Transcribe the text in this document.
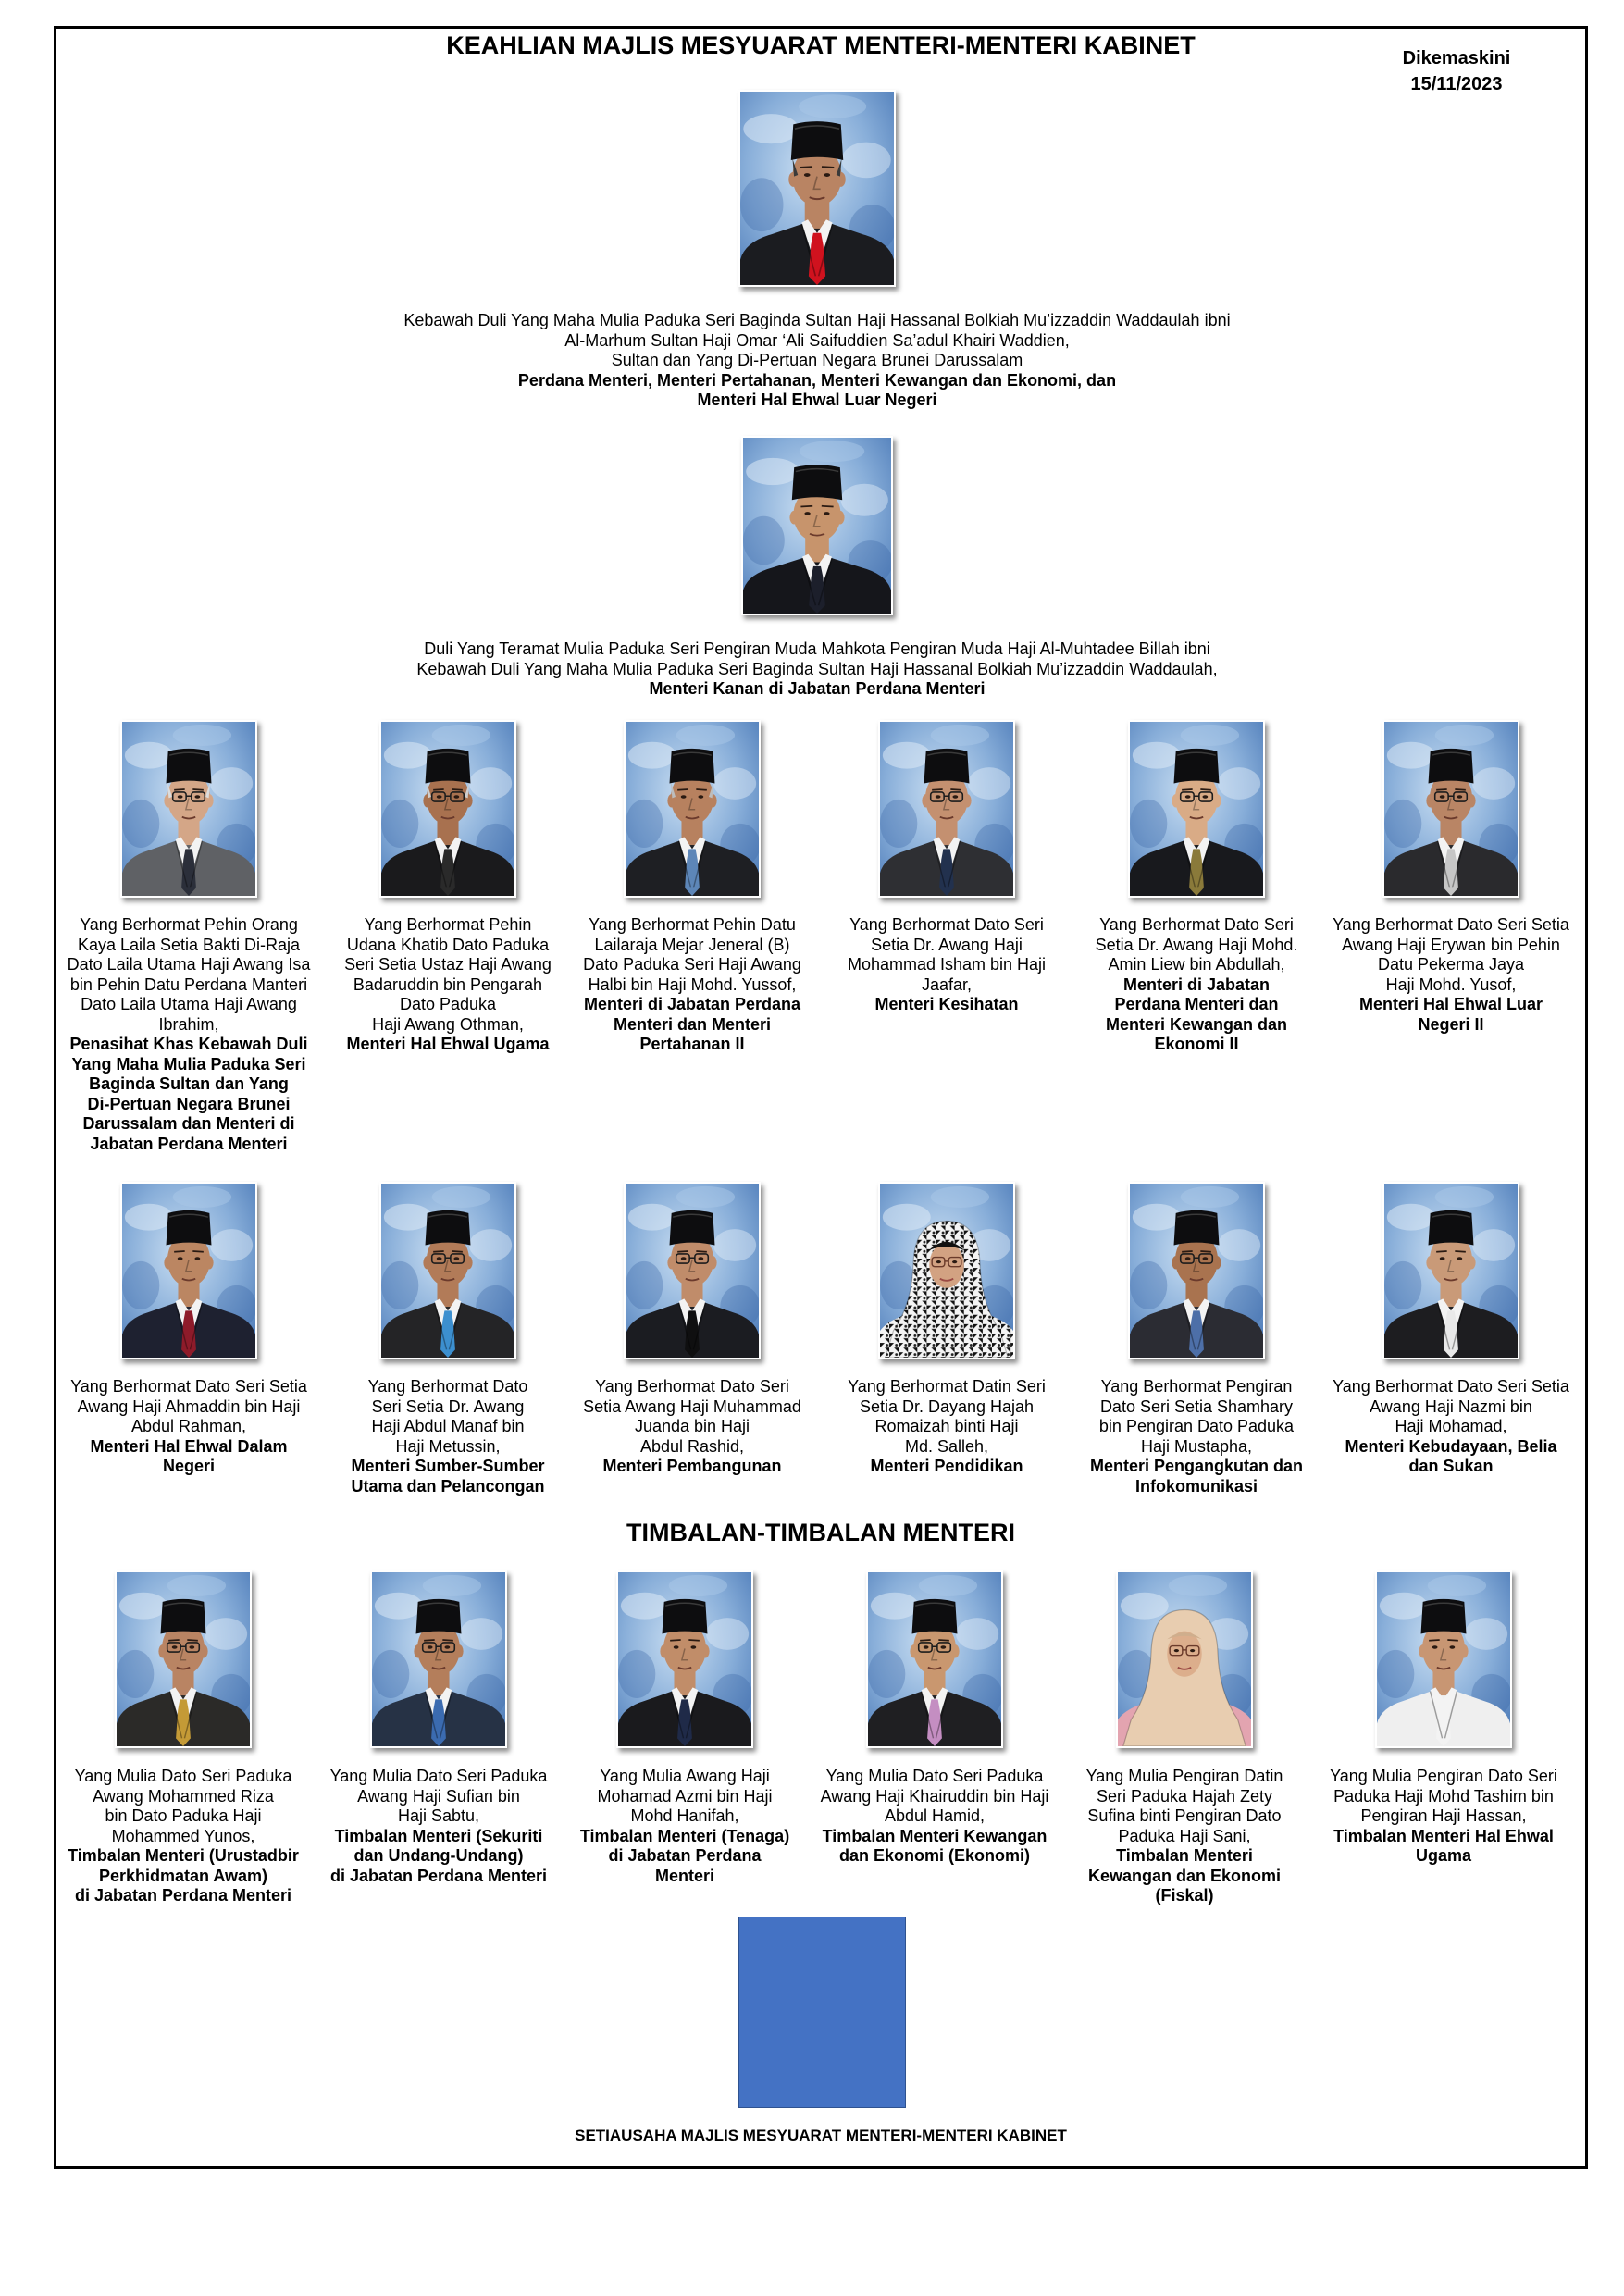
KEAHLIAN MAJLIS MESYUARAT MENTERI-MENTERI KABINET	Dikemaskini
15/11/2023
Kebawah Duli Yang Maha Mulia Paduka Seri Baginda Sultan Haji Hassanal Bolkiah Mu’izzaddin Waddaulah ibni
Al-Marhum Sultan Haji Omar ‘Ali Saifuddien Sa’adul Khairi Waddien,
Sultan dan Yang Di-Pertuan Negara Brunei Darussalam
Perdana Menteri, Menteri Pertahanan, Menteri Kewangan dan Ekonomi, dan
Menteri Hal Ehwal Luar Negeri
Duli Yang Teramat Mulia Paduka Seri Pengiran Muda Mahkota Pengiran Muda Haji Al-Muhtadee Billah ibni
Kebawah Duli Yang Maha Mulia Paduka Seri Baginda Sultan Haji Hassanal Bolkiah Mu’izzaddin Waddaulah,
Menteri Kanan di Jabatan Perdana Menteri
Yang Berhormat Pehin Orang
Kaya Laila Setia Bakti Di-Raja
Dato Laila Utama Haji Awang Isa
bin Pehin Datu Perdana Manteri
Dato Laila Utama Haji Awang
Ibrahim,
Penasihat Khas Kebawah Duli
Yang Maha Mulia Paduka Seri
Baginda Sultan dan Yang
Di-Pertuan Negara Brunei
Darussalam dan Menteri di
Jabatan Perdana Menteri
Yang Berhormat Pehin
Udana Khatib Dato Paduka
Seri Setia Ustaz Haji Awang
Badaruddin bin Pengarah
Dato Paduka
Haji Awang Othman,
Menteri Hal Ehwal Ugama
Yang Berhormat Pehin Datu
Lailaraja Mejar Jeneral (B)
Dato Paduka Seri Haji Awang
Halbi bin Haji Mohd. Yussof,
Menteri di Jabatan Perdana
Menteri dan Menteri
Pertahanan II
Yang Berhormat Dato Seri
Setia Dr. Awang Haji
Mohammad Isham bin Haji
Jaafar,
Menteri Kesihatan
Yang Berhormat Dato Seri
Setia Dr. Awang Haji Mohd.
Amin Liew bin Abdullah,
Menteri di Jabatan
Perdana Menteri dan
Menteri Kewangan dan
Ekonomi II
Yang Berhormat Dato Seri Setia
Awang Haji Erywan bin Pehin
Datu Pekerma Jaya
Haji Mohd. Yusof,
Menteri Hal Ehwal Luar
Negeri II
Yang Berhormat Dato Seri Setia
Awang Haji Ahmaddin bin Haji
Abdul Rahman,
Menteri Hal Ehwal Dalam
Negeri
Yang Berhormat Dato
Seri Setia Dr. Awang
Haji Abdul Manaf bin
Haji Metussin,
Menteri Sumber-Sumber
Utama dan Pelancongan
Yang Berhormat Dato Seri
Setia Awang Haji Muhammad
Juanda bin Haji
Abdul Rashid,
Menteri Pembangunan
Yang Berhormat Datin Seri
Setia Dr. Dayang Hajah
Romaizah binti Haji
Md. Salleh,
Menteri Pendidikan
Yang Berhormat Pengiran
Dato Seri Setia Shamhary
bin Pengiran Dato Paduka
Haji Mustapha,
Menteri Pengangkutan dan
Infokomunikasi
Yang Berhormat Dato Seri Setia
Awang Haji Nazmi bin
Haji Mohamad,
Menteri Kebudayaan, Belia
dan Sukan
Yang Mulia Dato Seri Paduka
Awang Mohammed Riza
bin Dato Paduka Haji
Mohammed Yunos,
Timbalan Menteri (Urustadbir
Perkhidmatan Awam)
di Jabatan Perdana Menteri
Yang Mulia Dato Seri Paduka
Awang Haji Sufian bin
Haji Sabtu,
Timbalan Menteri (Sekuriti
dan Undang-Undang)
di Jabatan Perdana Menteri
Yang Mulia Awang Haji
Mohamad Azmi bin Haji
Mohd Hanifah,
Timbalan Menteri (Tenaga)
di Jabatan Perdana
Menteri
Yang Mulia Dato Seri Paduka
Awang Haji Khairuddin bin Haji
Abdul Hamid,
Timbalan Menteri Kewangan
dan Ekonomi (Ekonomi)
Yang Mulia Pengiran Datin
Seri Paduka Hajah Zety
Sufina binti Pengiran Dato
Paduka Haji Sani,
Timbalan Menteri
Kewangan dan Ekonomi
(Fiskal)
Yang Mulia Pengiran Dato Seri
Paduka Haji Mohd Tashim bin
Pengiran Haji Hassan,
Timbalan Menteri Hal Ehwal
Ugama
TIMBALAN-TIMBALAN MENTERI
SETIAUSAHA MAJLIS MESYUARAT MENTERI-MENTERI KABINET
